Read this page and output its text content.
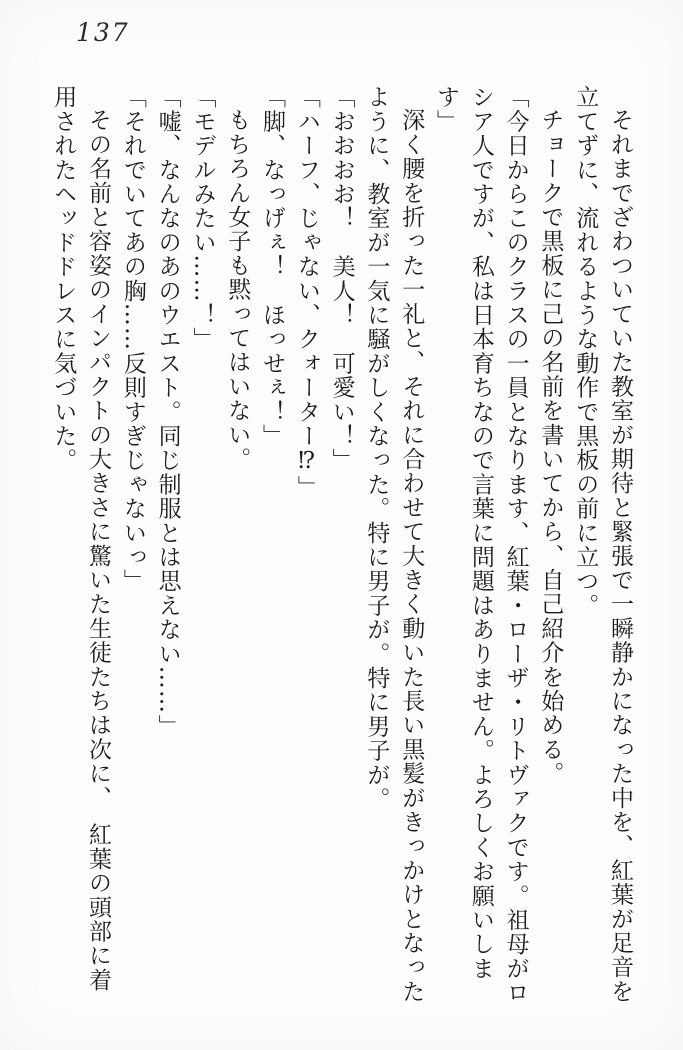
137

それまでざわついていた教室が期待と緊張で一瞬静かになった中を、紅葉が足音を立てずに、流れるような動作で黒板の前に立つ。

チョークで黒板に己の名前を書いてから、自己紹介を始める。

「今日からこのクラスの一員となります、紅葉・ローザ・リトヴァクです。祖母がロシア人ですが、私は日本育ちなので言葉に問題はありません。よろしくお願いします」

深く腰を折った一礼と、それに合わせて大きく動いた長い黒髪がきっかけとなったように、教室が一気に騒がしくなった。特に男子が。特に男子が。

「おおおお！　美人！　可愛い！」

「ハーフ、じゃない、クォーター⁉」

「脚、なっげぇ！　ほっせぇ！」

もちろん女子も黙ってはいない。

「モデルみたい……！」

「嘘、なんなのあのウエスト。同じ制服とは思えない……」

「それでいてあの胸……反則すぎじゃないっ」

その名前と容姿のインパクトの大きさに驚いた生徒たちは次に、　紅葉の頭部に着用されたヘッドドレスに気づいた。
